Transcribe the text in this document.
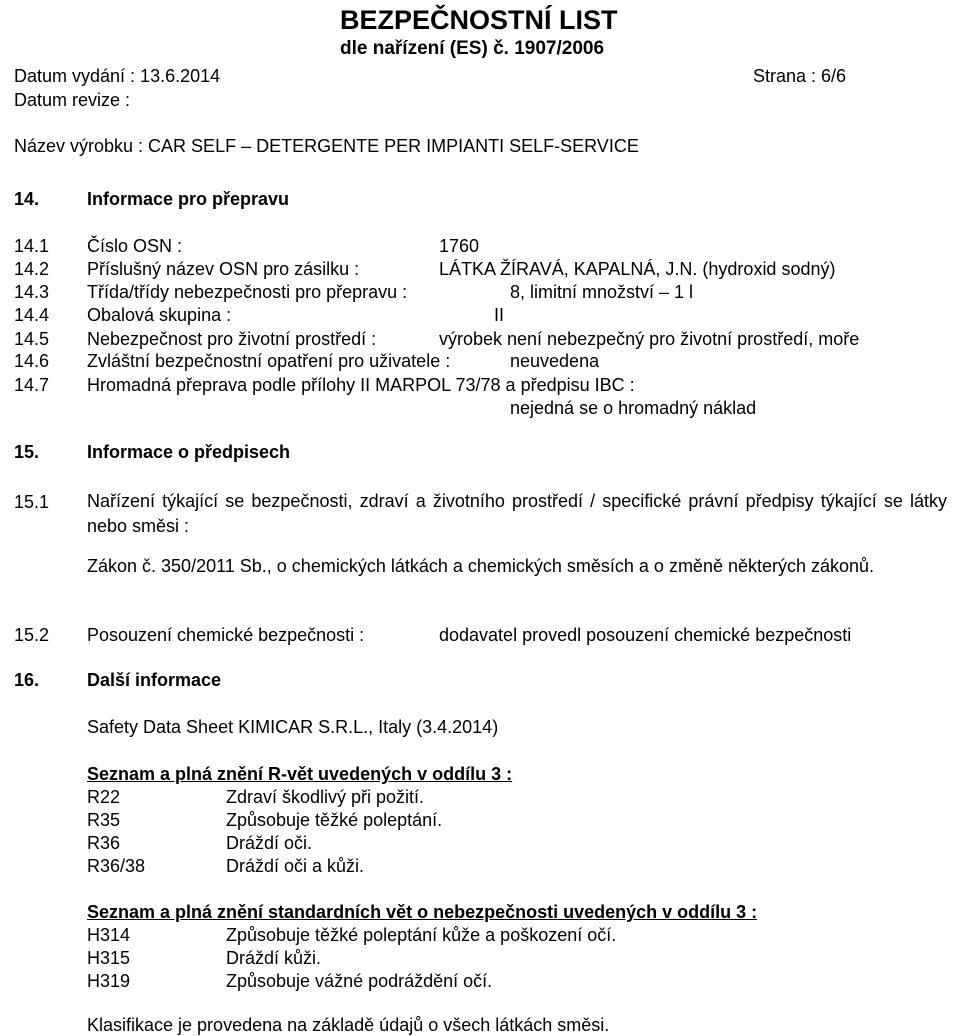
BEZPEČNOSTNÍ LIST
dle nařízení (ES) č. 1907/2006
Datum vydání : 13.6.2014	Strana : 6/6
Datum revize :
Název výrobku : CAR SELF – DETERGENTE PER IMPIANTI SELF-SERVICE
14.	Informace pro přepravu
14.1 Číslo OSN :	1760
14.2 Příslušný název OSN pro zásilku :	LÁTKA ŽÍRAVÁ, KAPALNÁ, J.N. (hydroxid sodný)
14.3 Třída/třídy nebezpečnosti pro přepravu :	8, limitní množství – 1 l
14.4 Obalová skupina :	II
14.5 Nebezpečnost pro životní prostředí :	výrobek není nebezpečný pro životní prostředí, moře
14.6 Zvláštní bezpečnostní opatření pro uživatele :	neuvedena
14.7 Hromadná přeprava podle přílohy II MARPOL 73/78 a předpisu IBC :
nejedná se o hromadný náklad
15.	Informace o předpisech
15.1 Nařízení týkající se bezpečnosti, zdraví a životního prostředí / specifické právní předpisy týkající se látky nebo směsi :
Zákon č. 350/2011 Sb., o chemických látkách a chemických směsích a o změně některých zákonů.
15.2 Posouzení chemické bezpečnosti :	dodavatel provedl posouzení chemické bezpečnosti
16.	Další informace
Safety Data Sheet KIMICAR S.R.L., Italy (3.4.2014)
Seznam a plná znění R-vět uvedených v oddílu 3 :
R22	Zdraví škodlivý při požití.
R35	Způsobuje těžké poleptání.
R36	Dráždí oči.
R36/38	Dráždí oči a kůži.
Seznam a plná znění standardních vět o nebezpečnosti uvedených v oddílu 3 :
H314	Způsobuje těžké poleptání kůže a poškození očí.
H315	Dráždí kůži.
H319	Způsobuje vážné podráždění očí.
Klasifikace je provedena na základě údajů o všech látkách směsi.
